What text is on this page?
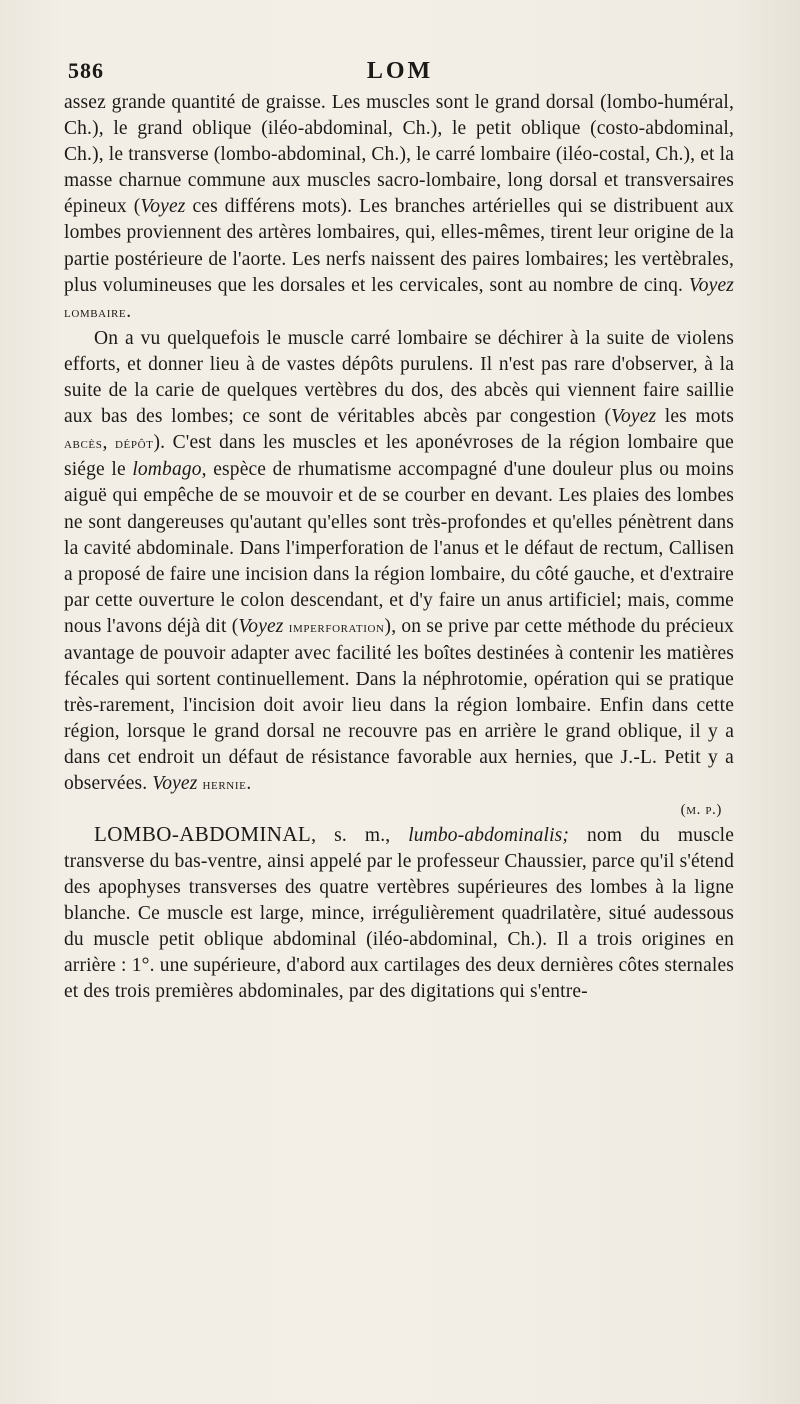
586	LOM

assez grande quantité de graisse. Les muscles sont le grand dorsal (lombo-huméral, Ch.), le grand oblique (iléo-abdominal, Ch.), le petit oblique (costo-abdominal, Ch.), le transverse (lombo-abdominal, Ch.), le carré lombaire (iléo-costal, Ch.), et la masse charnue commune aux muscles sacro-lombaire, long dorsal et transversaires épineux (Voyez ces différens mots). Les branches artérielles qui se distribuent aux lombes proviennent des artères lombaires, qui, elles-mêmes, tirent leur origine de la partie postérieure de l'aorte. Les nerfs naissent des paires lombaires; les vertèbrales, plus volumineuses que les dorsales et les cervicales, sont au nombre de cinq. Voyez lombaire.

On a vu quelquefois le muscle carré lombaire se déchirer à la suite de violens efforts, et donner lieu à de vastes dépôts purulens. Il n'est pas rare d'observer, à la suite de la carie de quelques vertèbres du dos, des abcès qui viennent faire saillie aux bas des lombes; ce sont de véritables abcès par congestion (Voyez les mots abcès, dépôt). C'est dans les muscles et les aponévroses de la région lombaire que siége le lombago, espèce de rhumatisme accompagné d'une douleur plus ou moins aiguë qui empêche de se mouvoir et de se courber en devant. Les plaies des lombes ne sont dangereuses qu'autant qu'elles sont très-profondes et qu'elles pénètrent dans la cavité abdominale. Dans l'imperforation de l'anus et le défaut de rectum, Callisen a proposé de faire une incision dans la région lombaire, du côté gauche, et d'extraire par cette ouverture le colon descendant, et d'y faire un anus artificiel; mais, comme nous l'avons déjà dit (Voyez imperforation), on se prive par cette méthode du précieux avantage de pouvoir adapter avec facilité les boîtes destinées à contenir les matières fécales qui sortent continuellement. Dans la néphrotomie, opération qui se pratique très-rarement, l'incision doit avoir lieu dans la région lombaire. Enfin dans cette région, lorsque le grand dorsal ne recouvre pas en arrière le grand oblique, il y a dans cet endroit un défaut de résistance favorable aux hernies, que J.-L. Petit y a observées. Voyez hernie.

(m. p.)

LOMBO-ABDOMINAL, s. m., lumbo-abdominalis; nom du muscle transverse du bas-ventre, ainsi appelé par le professeur Chaussier, parce qu'il s'étend des apophyses transverses des quatre vertèbres supérieures des lombes à la ligne blanche. Ce muscle est large, mince, irrégulièrement quadrilatère, situé audessous du muscle petit oblique abdominal (iléo-abdominal, Ch.). Il a trois origines en arrière : 1°. une supérieure, d'abord aux cartilages des deux dernières côtes sternales et des trois premières abdominales, par des digitations qui s'entre-
